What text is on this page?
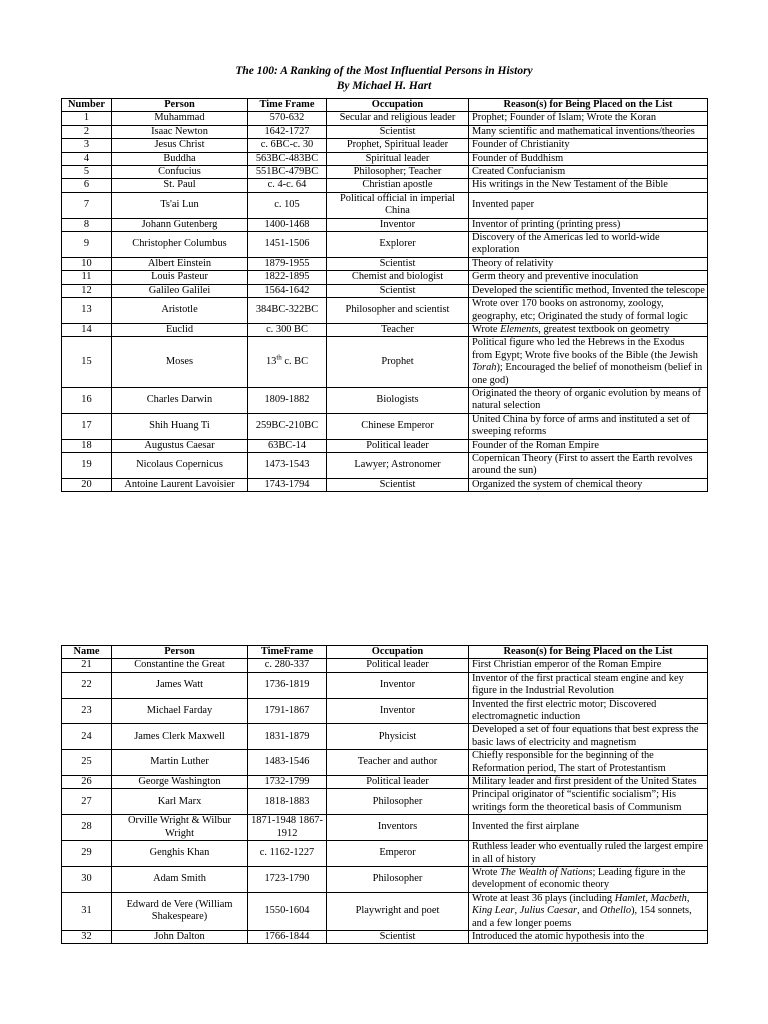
The 100: A Ranking of the Most Influential Persons in History
By Michael H. Hart
Number	Person	Time Frame	Occupation	Reason(s) for Being Placed on the List
1	Muhammad	570-632	Secular and religious leader	Prophet; Founder of Islam; Wrote the Koran
2	Isaac Newton	1642-1727	Scientist	Many scientific and mathematical inventions/theories
3	Jesus Christ	c. 6BC-c. 30	Prophet, Spiritual leader	Founder of Christianity
4	Buddha	563BC-483BC	Spiritual leader	Founder of Buddhism
5	Confucius	551BC-479BC	Philosopher; Teacher	Created Confucianism
6	St. Paul	c. 4-c. 64	Christian apostle	His writings in the New Testament of the Bible
7	Ts'ai Lun	c. 105	Political official in imperial China	Invented paper
8	Johann Gutenberg	1400-1468	Inventor	Inventor of printing (printing press)
9	Christopher Columbus	1451-1506	Explorer	Discovery of the Americas led to world-wide exploration
10	Albert Einstein	1879-1955	Scientist	Theory of relativity
11	Louis Pasteur	1822-1895	Chemist and biologist	Germ theory and preventive inoculation
12	Galileo Galilei	1564-1642	Scientist	Developed the scientific method, Invented the telescope
13	Aristotle	384BC-322BC	Philosopher and scientist	Wrote over 170 books on astronomy, zoology, geography, etc; Originated the study of formal logic
14	Euclid	c. 300 BC	Teacher	Wrote Elements, greatest textbook on geometry
15	Moses	13th c. BC	Prophet	Political figure who led the Hebrews in the Exodus from Egypt; Wrote five books of the Bible (the Jewish Torah); Encouraged the belief of monotheism (belief in one god)
16	Charles Darwin	1809-1882	Biologists	Originated the theory of organic evolution by means of natural selection
17	Shih Huang Ti	259BC-210BC	Chinese Emperor	United China by force of arms and instituted a set of sweeping reforms
18	Augustus Caesar	63BC-14	Political leader	Founder of the Roman Empire
19	Nicolaus Copernicus	1473-1543	Lawyer; Astronomer	Copernican Theory (First to assert the Earth revolves around the sun)
20	Antoine Laurent Lavoisier	1743-1794	Scientist	Organized the system of chemical theory
Name	Person	TimeFrame	Occupation	Reason(s) for Being Placed on the List
21	Constantine the Great	c. 280-337	Political leader	First Christian emperor of the Roman Empire
22	James Watt	1736-1819	Inventor	Inventor of the first practical steam engine and key figure in the Industrial Revolution
23	Michael Farday	1791-1867	Inventor	Invented the first electric motor; Discovered electromagnetic induction
24	James Clerk Maxwell	1831-1879	Physicist	Developed a set of four equations that best express the basic laws of electricity and magnetism
25	Martin Luther	1483-1546	Teacher and author	Chiefly responsible for the beginning of the Reformation period, The start of Protestantism
26	George Washington	1732-1799	Political leader	Military leader and first president of the United States
27	Karl Marx	1818-1883	Philosopher	Principal originator of “scientific socialism”; His writings form the theoretical basis of Communism
28	Orville Wright & Wilbur Wright	1871-1948 1867-1912	Inventors	Invented the first airplane
29	Genghis Khan	c. 1162-1227	Emperor	Ruthless leader who eventually ruled the largest empire in all of history
30	Adam Smith	1723-1790	Philosopher	Wrote The Wealth of Nations; Leading figure in the development of economic theory
31	Edward de Vere (William Shakespeare)	1550-1604	Playwright and poet	Wrote at least 36 plays (including Hamlet, Macbeth, King Lear, Julius Caesar, and Othello), 154 sonnets, and a few longer poems
32	John Dalton	1766-1844	Scientist	Introduced the atomic hypothesis into the
